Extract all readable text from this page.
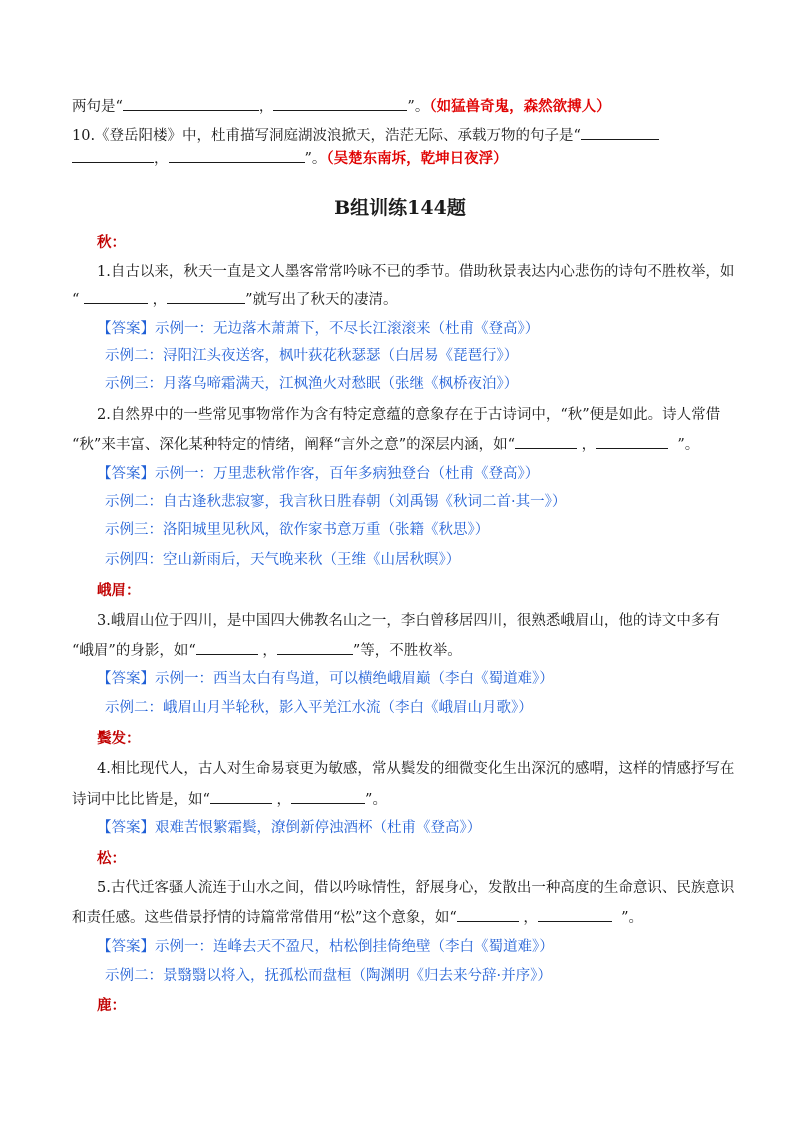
两句是“	，	”。（如猛兽奇鬼，森然欲搏人）
10.《登岳阳楼》中，杜甫描写洞庭湖波浪掀天，浩茫无际、承载万物的句子是“
，	”。（吴楚东南坼，乾坤日夜浮）
B组训练144题
秋：
1.自古以来，秋天一直是文人墨客常常吟咏不已的季节。借助秋景表达内心悲伤的诗句不胜枚举，如
“	，	”就写出了秋天的凄清。
【答案】示例一：无边落木萧萧下，不尽长江滚滚来（杜甫《登高》）
示例二：浔阳江头夜送客，枫叶荻花秋瑟瑟（白居易《琵琶行》）
示例三：月落乌啼霜满天，江枫渔火对愁眠（张继《枫桥夜泊》）
2.自然界中的一些常见事物常作为含有特定意蕴的意象存在于古诗词中，“秋”便是如此。诗人常借
“秋”来丰富、深化某种特定的情绪，阐释“言外之意”的深层内涵，如“	，	”。
【答案】示例一：万里悲秋常作客，百年多病独登台（杜甫《登高》）
示例二：自古逢秋悲寂寥，我言秋日胜春朝（刘禹锡《秋词二首·其一》）
示例三：洛阳城里见秋风，欲作家书意万重（张籍《秋思》）
示例四：空山新雨后，天气晚来秋（王维《山居秋暝》）
峨眉：
3.峨眉山位于四川，是中国四大佛教名山之一，李白曾移居四川，很熟悉峨眉山，他的诗文中多有
“峨眉”的身影，如“	，	”等，不胜枚举。
【答案】示例一：西当太白有鸟道，可以横绝峨眉巅（李白《蜀道难》）
示例二：峨眉山月半轮秋，影入平羌江水流（李白《峨眉山月歌》）
鬓发：
4.相比现代人，古人对生命易衰更为敏感，常从鬓发的细微变化生出深沉的感喟，这样的情感抒写在
诗词中比比皆是，如“	，	”。
【答案】艰难苦恨繁霜鬓，潦倒新停浊酒杯（杜甫《登高》）
松：
5.古代迁客骚人流连于山水之间，借以吟咏情性，舒展身心，发散出一种高度的生命意识、民族意识
和责任感。这些借景抒情的诗篇常常借用“松”这个意象，如“	，	”。
【答案】示例一：连峰去天不盈尺，枯松倒挂倚绝壁（李白《蜀道难》）
示例二：景翳翳以将入，抚孤松而盘桓（陶渊明《归去来兮辞·并序》）
鹿：
